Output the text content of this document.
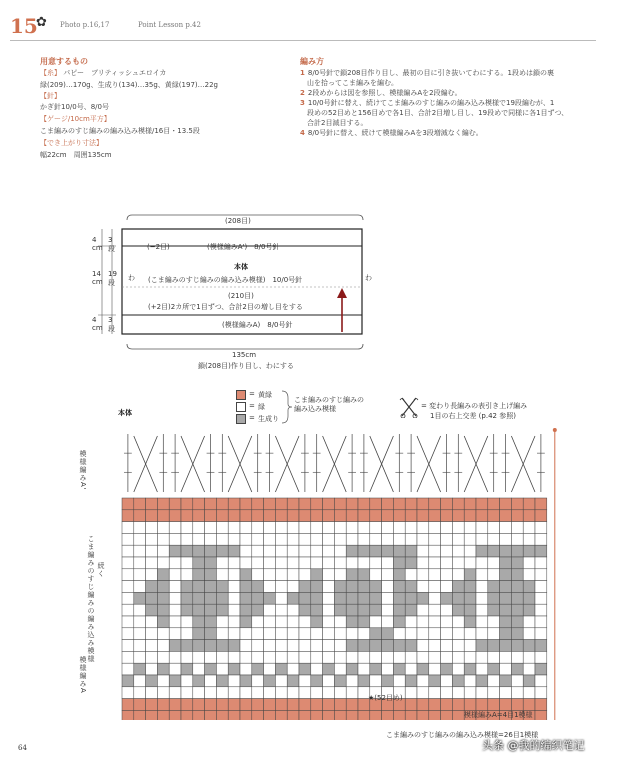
15
✿ Photo p.16,17	Point Lesson p.42
用意するもの
【糸】 パピー　ブリティッシュエロイカ
緑(209)…170g、生成り(134)…35g、黄緑(197)…22g
【針】
かぎ針10/0号、8/0号
【ゲージ/10cm平方】
こま編みのすじ編みの編み込み模様/16目・13.5段
【でき上がり寸法】
幅22cm　周囲135cm
編み方
1 8/0号針で鎖208目作り目し、最初の目に引き抜いてわにする。1段めは鎖の裏
山を拾ってこま編みを編む。
2 2段めからは図を参照し、模様編みAを2段編む。
3 10/0号針に替え、続けてこま編みのすじ編みの編み込み模様で19段編むが、1
段めの52目めと156目めで各1目、合計2目増し目し、19段めで同様に各1目ずつ、
合計2目減目する。
4 8/0号針に替え、続けて模様編みAを3段増減なく編む。
(208目)
(−2目)	(模様編みA')　8/0号針
本体
(こま編みのすじ編みの編み込み模様)　10/0号針
(210目)
(+2目)2カ所で1目ずつ、合計2目の増し目をする
(模様編みA)　8/0号針
わ	わ
135cm
鎖(208目)作り目し、わにする
4
cm
3
段
14
cm
19
段
4
cm
3
段
本体
= 黄緑
= 緑
= 生成り
こま編みのすじ編みの
編み込み模様	= 変わり長編みの表引き上げ編み
1目の右上交差 (p.42 参照)
模様編みA'
こま編みのすじ編みの編み込み模様 続く
模様編みA
★(52目め)
模様編みA=4目1模様
こま編みのすじ編みの編み込み模様=26目1模様
64	头条 @我的编织笔记
